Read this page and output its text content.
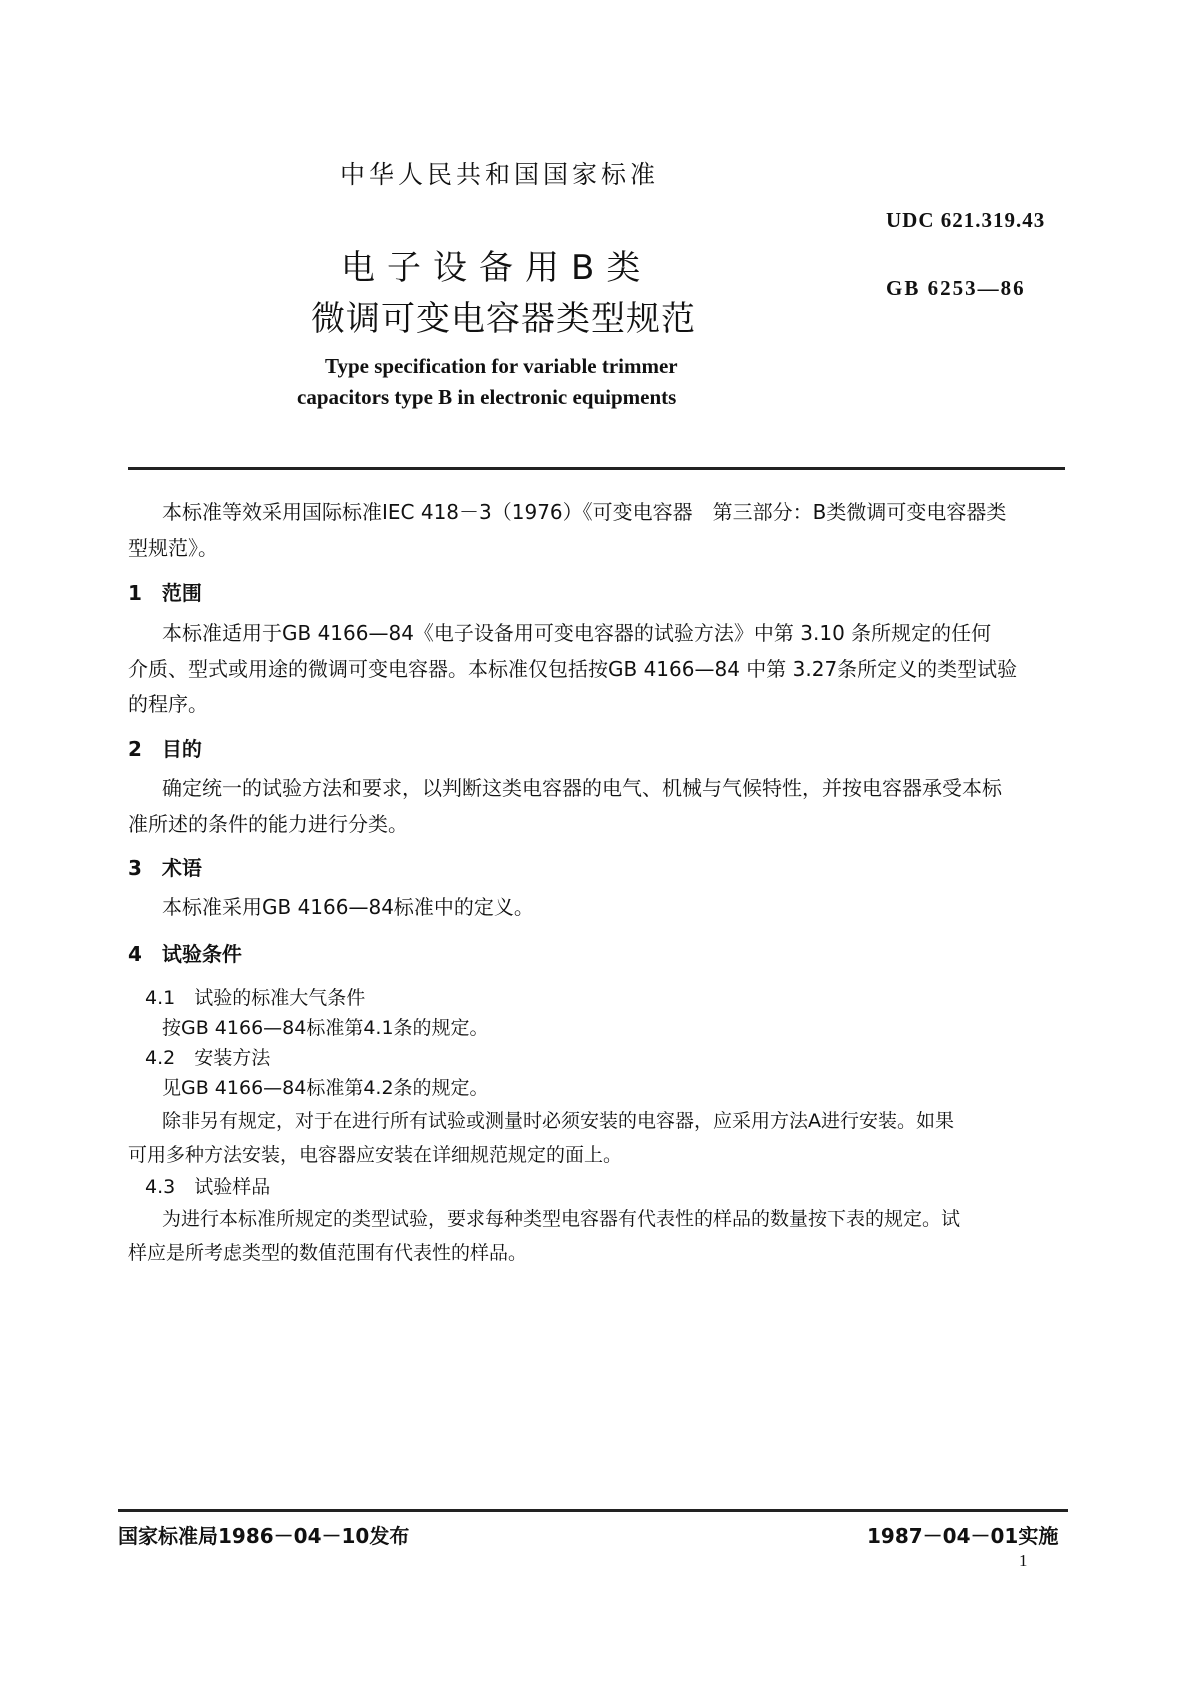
中华人民共和国国家标准
UDC 621.319.43
GB 6253—86
电子设备用B类
微调可变电容器类型规范
Type specification for variable trimmer
capacitors type B in electronic equipments
本标准等效采用国际标准IEC 418－3（1976）《可变电容器　第三部分：B类微调可变电容器类
型规范》。
1　范围
本标准适用于GB 4166—84《电子设备用可变电容器的试验方法》中第 3.10 条所规定的任何
介质、型式或用途的微调可变电容器。本标准仅包括按GB 4166—84 中第 3.27条所定义的类型试验
的程序。
2　目的
确定统一的试验方法和要求，以判断这类电容器的电气、机械与气候特性，并按电容器承受本标
准所述的条件的能力进行分类。
3　术语
本标准采用GB 4166—84标准中的定义。
4　试验条件
4.1　试验的标准大气条件
按GB 4166—84标准第4.1条的规定。
4.2　安装方法
见GB 4166—84标准第4.2条的规定。
除非另有规定，对于在进行所有试验或测量时必须安装的电容器，应采用方法A进行安装。如果
可用多种方法安装，电容器应安装在详细规范规定的面上。
4.3　试验样品
为进行本标准所规定的类型试验，要求每种类型电容器有代表性的样品的数量按下表的规定。试
样应是所考虑类型的数值范围有代表性的样品。
国家标准局1986－04－10发布	1987－04－01实施
1
